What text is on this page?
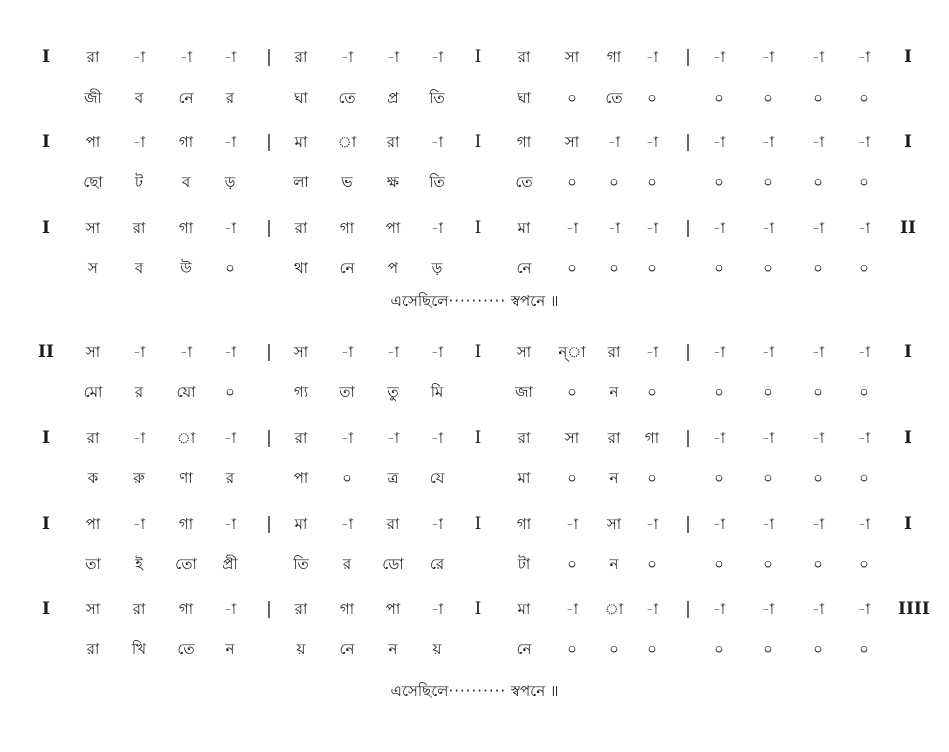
I	রা	-া	-া	-া	|	রা	-া	-া	-া	I	রা	সা	গা	-া	|	-া	-া	-া	-া	I
জী	ব	নে	র	ঘা	তে	প্র	তি	ঘা	০	তে	০	০	০	০	০
I	পা	-া	গা	-া	|	মা	া	রা	-া	I	গা	সা	-া	-া	|	-া	-া	-া	-া	I
ছো	ট	ব	ড়	লা	ভ	ক্ষ	তি	তে	০	০	০	০	০	০	০
I	সা	রা	গা	-া	|	রা	গা	পা	-া	I	মা	-া	-া	-া	|	-া	-া	-া	-া	II
স	ব	উ	০	থা	নে	প	ড়	নে	০	০	০	০	০	০	০
এসেছিলে·········· স্বপনে ॥
II	সা	-া	-া	-া	|	সা	-া	-া	-া	I	সা	ন্‌া	রা	-া	|	-া	-া	-া	-া	I
মো	র	যো	০	গ্য	তা	তু	মি	জা	০	ন	০	০	০	০	০
I	রা	-া	া	-া	|	রা	-া	-া	-া	I	রা	সা	রা	গা	|	-া	-া	-া	-া	I
ক	রু	ণা	র	পা	০	ত্র	যে	মা	০	ন	০	০	০	০	০
I	পা	-া	গা	-া	|	মা	-া	রা	-া	I	গা	-া	সা	-া	|	-া	-া	-া	-া	I
তা	ই	তো	প্রী	তি	র	ডো	রে	টা	০	ন	০	০	০	০	০
I	সা	রা	গা	-া	|	রা	গা	পা	-া	I	মা	-া	া	-া	|	-া	-া	-া	-া	IIII
রা	খি	তে	ন	য়	নে	ন	য়	নে	০	০	০	০	০	০	০
এসেছিলে·········· স্বপনে ॥
